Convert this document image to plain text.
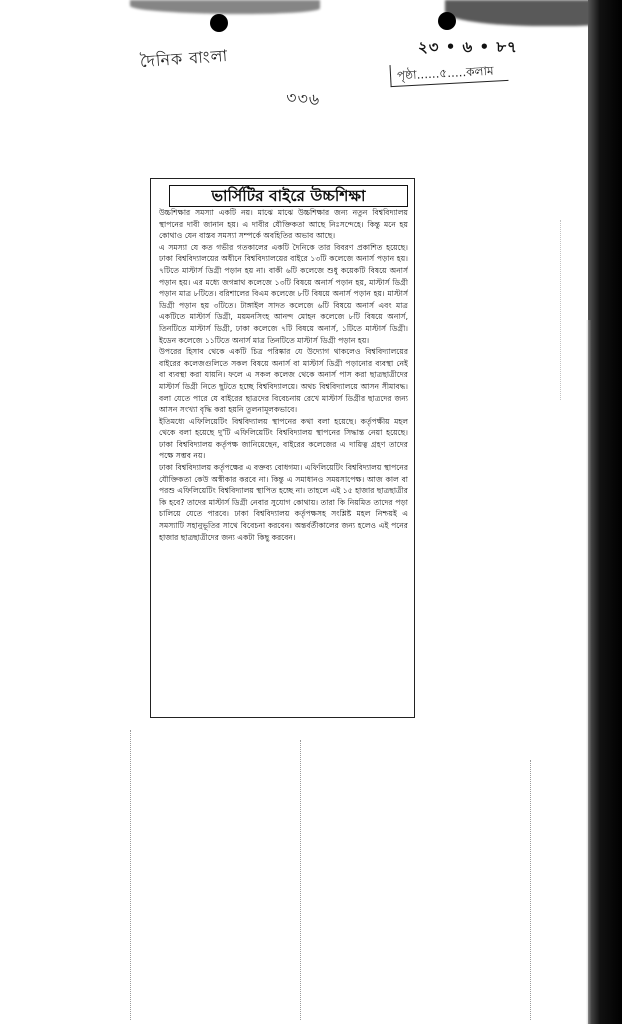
দৈনিক বাংলা	২৩ • ৬ • ৮৭
পৃষ্ঠা......৫.....কলাম
৩৩৬
ভার্সিটির বাইরে উচ্চশিক্ষা

উচ্চশিক্ষার সমস্যা একটি নয়। মাঝে মাঝে উচ্চশিক্ষার জন্য নতুন বিশ্ববিদ্যালয় স্থাপনের দাবী জানান হয়। এ দাবীর যৌক্তিকতা আছে নিঃসন্দেহে। কিন্তু মনে হয় কোথাও যেন বাস্তব সমস্যা সম্পর্কে অবহিতির অভাব আছে।

এ সমস্যা যে কত গভীর গতকালের একটি দৈনিকে তার বিবরণ প্রকাশিত হয়েছে। ঢাকা বিশ্ববিদ্যালয়ের অধীনে বিশ্ববিদ্যালয়ের বাইরে ১৩টি কলেজে অনার্স পড়ান হয়। ৭টিতে মাস্টার্স ডিগ্রী পড়ান হয় না। বাকী ৬টি কলেজে শুধু কয়েকটি বিষয়ে অনার্স পড়ান হয়। এর মধ্যে জগন্নাথ কলেজে ১৩টি বিষয়ে অনার্স পড়ান হয়, মাস্টার্স ডিগ্রী পড়ান মাত্র ৮টিতে। বরিশালের বিএম কলেজে ৮টি বিষয়ে অনার্স পড়ান হয়। মাস্টার্স ডিগ্রী পড়ান হয় ৩টিতে। টাঙ্গাইল সাদত কলেজে ৬টি বিষয়ে অনার্স এবং মাত্র একটিতে মাস্টার্স ডিগ্রী, ময়মনসিংহ আনন্দ মোহন কলেজে ৮টি বিষয়ে অনার্স, তিনটিতে মাস্টার্স ডিগ্রী, ঢাকা কলেজে ৭টি বিষয়ে অনার্স, ১টিতে মাস্টার্স ডিগ্রী। ইডেন কলেজে ১১টিতে অনার্স মাত্র তিনটিতে মাস্টার্স ডিগ্রী পড়ান হয়।

উপরের হিসাব থেকে একটি চিত্র পরিষ্কার যে উদ্যোগ থাকলেও বিশ্ববিদ্যালয়ের বাইরের কলেজগুলিতে সকল বিষয়ে অনার্স বা মাস্টার্স ডিগ্রী পড়ানোর ব্যবস্থা নেই বা ব্যবস্থা করা যায়নি। ফলে এ সকল কলেজ থেকে অনার্স পাস করা ছাত্রছাত্রীদের মাস্টার্স ডিগ্রী নিতে ছুটতে হচ্ছে বিশ্ববিদ্যালয়ে। অথচ বিশ্ববিদ্যালয়ে আসন সীমাবদ্ধ। বলা যেতে পারে যে বাইরের ছাত্রদের বিবেচনায় রেখে মাস্টার্স ডিগ্রীর ছাত্রদের জন্য আসন সংখ্যা বৃদ্ধি করা হয়নি তুলনামূলকভাবে।

ইতিমধ্যে এফিলিয়েটিং বিশ্ববিদ্যালয় স্থাপনের কথা বলা হয়েছে। কর্তৃপক্ষীয় মহল থেকে বলা হয়েছে দু'টি এফিলিয়েটিং বিশ্ববিদ্যালয় স্থাপনের সিদ্ধান্ত নেয়া হয়েছে। ঢাকা বিশ্ববিদ্যালয় কর্তৃপক্ষ জানিয়েছেন, বাইরের কলেজের এ দায়িত্ব গ্রহণ তাদের পক্ষে সম্ভব নয়।

ঢাকা বিশ্ববিদ্যালয় কর্তৃপক্ষের এ বক্তব্য বোধগম্য। এফিলিয়েটিং বিশ্ববিদ্যালয় স্থাপনের যৌক্তিকতা কেউ অস্বীকার করবে না। কিন্তু এ সমাধানও সময়সাপেক্ষ। আজ কাল বা পরশু এফিলিয়েটিং বিশ্ববিদ্যালয় স্থাপিত হচ্ছে না। তাহলে এই ১৫ হাজার ছাত্রছাত্রীর কি হবে? তাদের মাস্টার্স ডিগ্রী নেবার সুযোগ কোথায়। তারা কি নিয়মিত তাদের পড়া চালিয়ে যেতে পারবে। ঢাকা বিশ্ববিদ্যালয় কর্তৃপক্ষসহ সংশ্লিষ্ট মহল নিশ্চয়ই এ সমস্যাটি সহানুভূতির সাথে বিবেচনা করবেন। অন্তর্বর্তীকালের জন্য হলেও এই পনের হাজার ছাত্রছাত্রীদের জন্য একটা কিছু করবেন।
